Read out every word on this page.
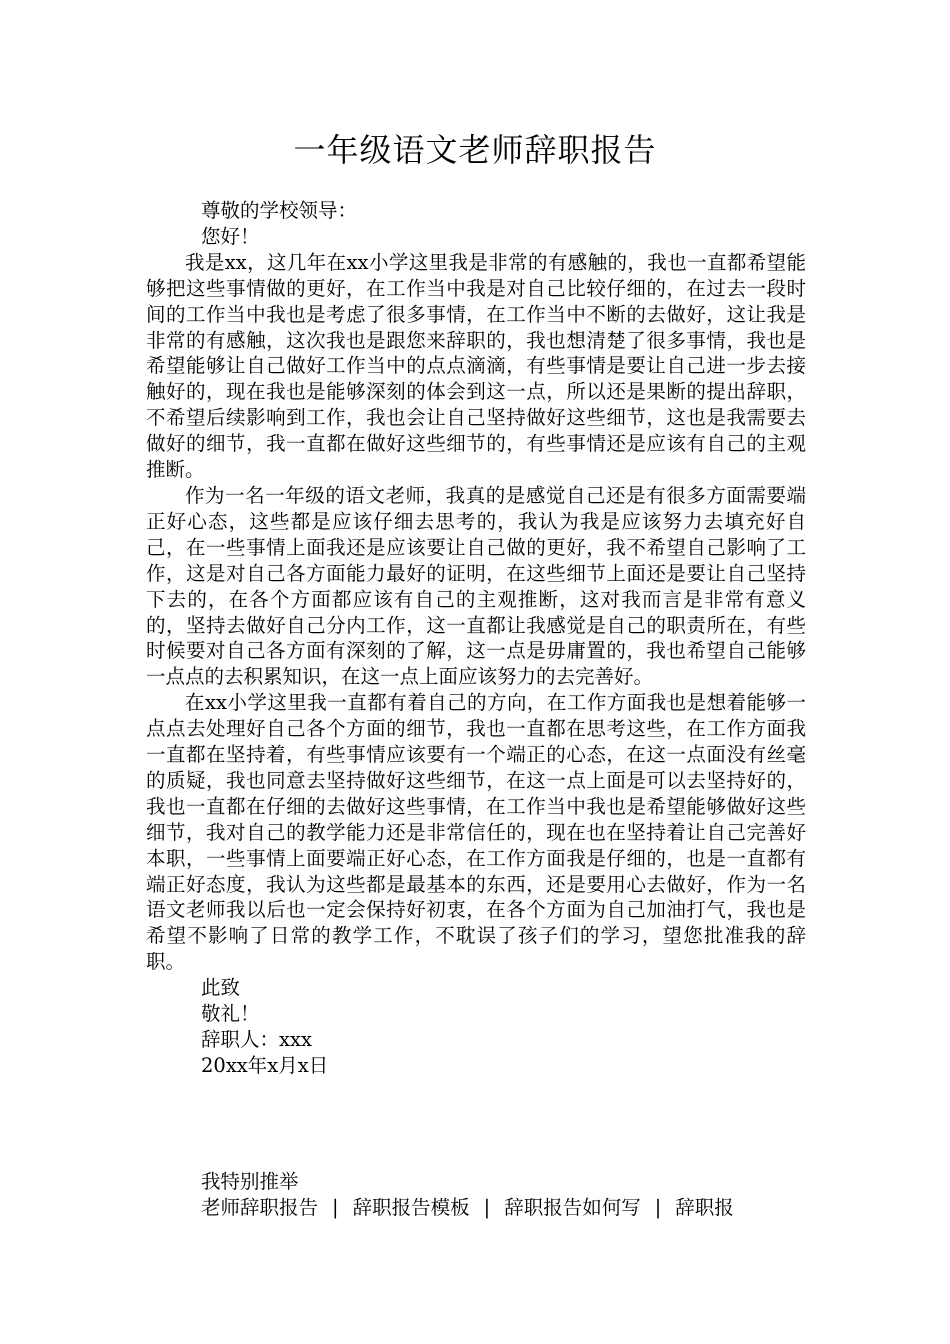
一年级语文老师辞职报告
尊敬的学校领导：
您好！

我是xx，这几年在xx小学这里我是非常的有感触的，我也一直都希望能够把这些事情做的更好，在工作当中我是对自己比较仔细的，在过去一段时间的工作当中我也是考虑了很多事情，在工作当中不断的去做好，这让我是非常的有感触，这次我也是跟您来辞职的，我也想清楚了很多事情，我也是希望能够让自己做好工作当中的点点滴滴，有些事情是要让自己进一步去接触好的，现在我也是能够深刻的体会到这一点，所以还是果断的提出辞职，不希望后续影响到工作，我也会让自己坚持做好这些细节，这也是我需要去做好的细节，我一直都在做好这些细节的，有些事情还是应该有自己的主观推断。

作为一名一年级的语文老师，我真的是感觉自己还是有很多方面需要端正好心态，这些都是应该仔细去思考的，我认为我是应该努力去填充好自己，在一些事情上面我还是应该要让自己做的更好，我不希望自己影响了工作，这是对自己各方面能力最好的证明，在这些细节上面还是要让自己坚持下去的，在各个方面都应该有自己的主观推断，这对我而言是非常有意义的，坚持去做好自己分内工作，这一直都让我感觉是自己的职责所在，有些时候要对自己各方面有深刻的了解，这一点是毋庸置的，我也希望自己能够一点点的去积累知识，在这一点上面应该努力的去完善好。

在xx小学这里我一直都有着自己的方向，在工作方面我也是想着能够一点点去处理好自己各个方面的细节，我也一直都在思考这些，在工作方面我一直都在坚持着，有些事情应该要有一个端正的心态，在这一点面没有丝毫的质疑，我也同意去坚持做好这些细节，在这一点上面是可以去坚持好的，我也一直都在仔细的去做好这些事情，在工作当中我也是希望能够做好这些细节，我对自己的教学能力还是非常信任的，现在也在坚持着让自己完善好本职，一些事情上面要端正好心态，在工作方面我是仔细的，也是一直都有端正好态度，我认为这些都是最基本的东西，还是要用心去做好，作为一名语文老师我以后也一定会保持好初衷，在各个方面为自己加油打气，我也是希望不影响了日常的教学工作，不耽误了孩子们的学习，望您批准我的辞职。

此致
敬礼！
辞职人：xxx
20xx年x月x日
我特别推举
老师辞职报告 | 辞职报告模板 | 辞职报告如何写 | 辞职报
